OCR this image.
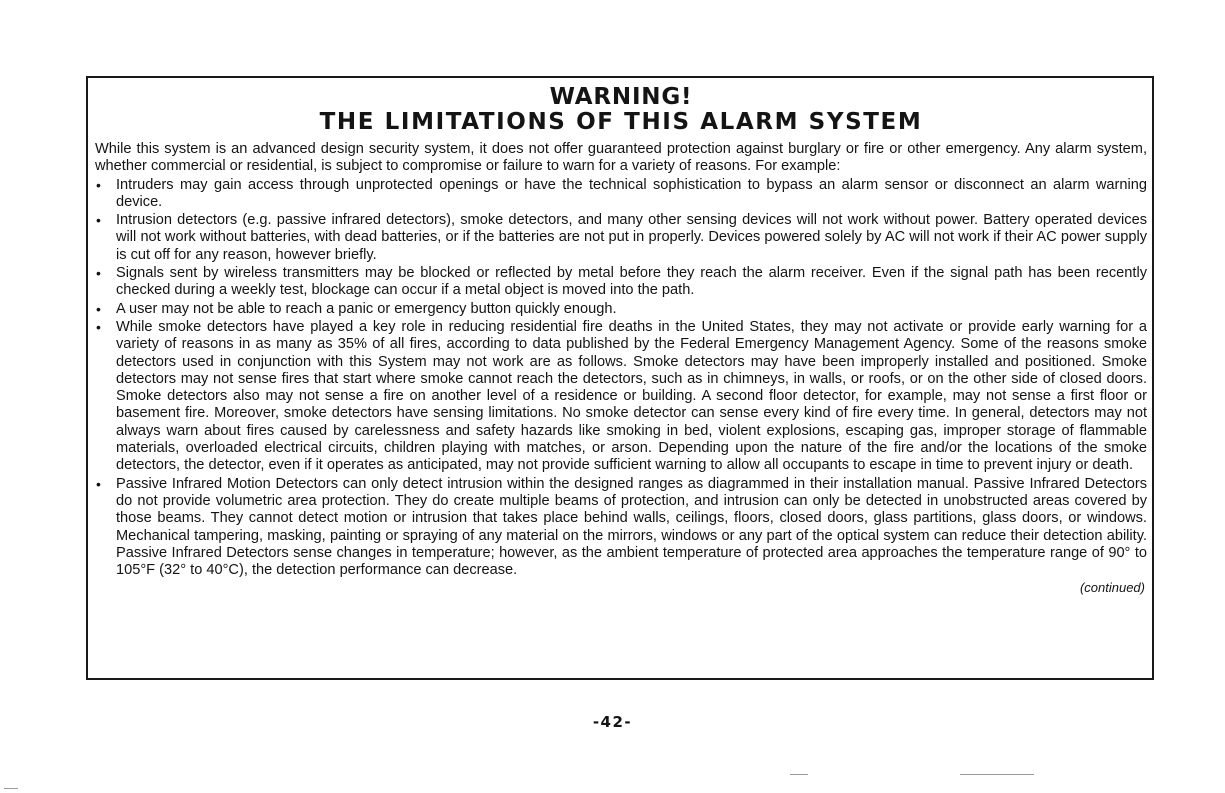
WARNING!
THE LIMITATIONS OF THIS ALARM SYSTEM

While this system is an advanced design security system, it does not offer guaranteed protection against burglary or fire or other emergency. Any alarm system, whether commercial or residential, is subject to compromise or failure to warn for a variety of reasons. For example:

• Intruders may gain access through unprotected openings or have the technical sophistication to bypass an alarm sensor or disconnect an alarm warning device.
• Intrusion detectors (e.g. passive infrared detectors), smoke detectors, and many other sensing devices will not work without power. Battery operated devices will not work without batteries, with dead batteries, or if the batteries are not put in properly. Devices powered solely by AC will not work if their AC power supply is cut off for any reason, however briefly.
• Signals sent by wireless transmitters may be blocked or reflected by metal before they reach the alarm receiver. Even if the signal path has been recently checked during a weekly test, blockage can occur if a metal object is moved into the path.
• A user may not be able to reach a panic or emergency button quickly enough.
• While smoke detectors have played a key role in reducing residential fire deaths in the United States, they may not activate or provide early warning for a variety of reasons in as many as 35% of all fires, according to data published by the Federal Emergency Management Agency. Some of the reasons smoke detectors used in conjunction with this System may not work are as follows. Smoke detectors may have been improperly installed and positioned. Smoke detectors may not sense fires that start where smoke cannot reach the detectors, such as in chimneys, in walls, or roofs, or on the other side of closed doors. Smoke detectors also may not sense a fire on another level of a residence or building. A second floor detector, for example, may not sense a first floor or basement fire. Moreover, smoke detectors have sensing limitations. No smoke detector can sense every kind of fire every time. In general, detectors may not always warn about fires caused by carelessness and safety hazards like smoking in bed, violent explosions, escaping gas, improper storage of flammable materials, overloaded electrical circuits, children playing with matches, or arson. Depending upon the nature of the fire and/or the locations of the smoke detectors, the detector, even if it operates as anticipated, may not provide sufficient warning to allow all occupants to escape in time to prevent injury or death.
• Passive Infrared Motion Detectors can only detect intrusion within the designed ranges as diagrammed in their installation manual. Passive Infrared Detectors do not provide volumetric area protection. They do create multiple beams of protection, and intrusion can only be detected in unobstructed areas covered by those beams. They cannot detect motion or intrusion that takes place behind walls, ceilings, floors, closed doors, glass partitions, glass doors, or windows. Mechanical tampering, masking, painting or spraying of any material on the mirrors, windows or any part of the optical system can reduce their detection ability. Passive Infrared Detectors sense changes in temperature; however, as the ambient temperature of protected area approaches the temperature range of 90° to 105°F (32° to 40°C), the detection performance can decrease.
(continued)
-42-
